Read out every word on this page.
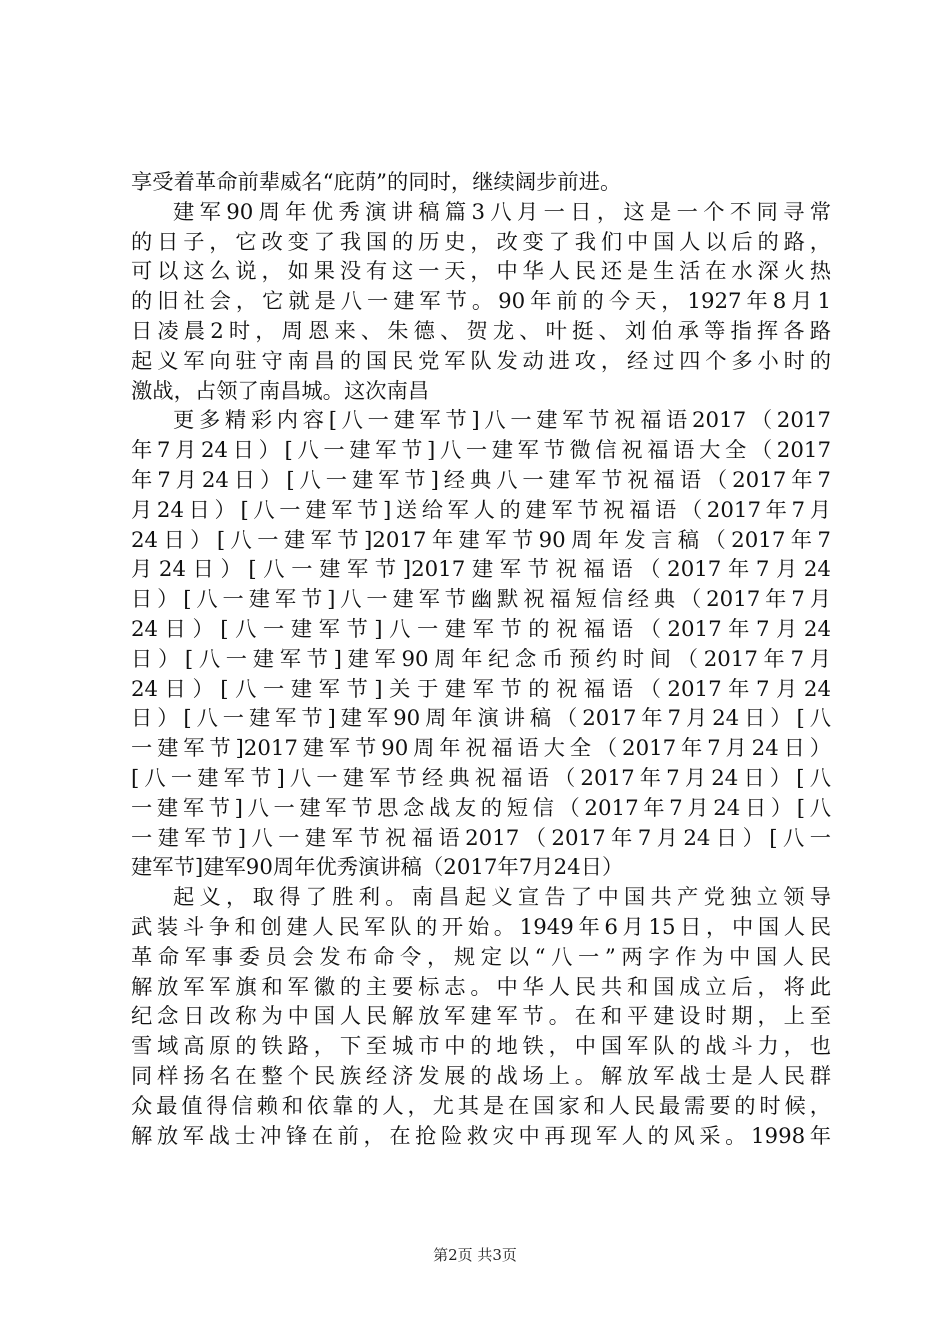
享受着革命前辈威名“庇荫”的同时，继续阔步前进。
建军90周年优秀演讲稿篇3八月一日，这是一个不同寻常
的日子，它改变了我国的历史，改变了我们中国人以后的路，
可以这么说，如果没有这一天，中华人民还是生活在水深火热
的旧社会，它就是八一建军节。90年前的今天，1927年8月1
日凌晨2时，周恩来、朱德、贺龙、叶挺、刘伯承等指挥各路
起义军向驻守南昌的国民党军队发动进攻，经过四个多小时的
激战，占领了南昌城。这次南昌
更多精彩内容[八一建军节]八一建军节祝福语2017（2017
年7月24日）[八一建军节]八一建军节微信祝福语大全（2017
年7月24日）[八一建军节]经典八一建军节祝福语（2017年7
月24日）[八一建军节]送给军人的建军节祝福语（2017年7月
24日）[八一建军节]2017年建军节90周年发言稿（2017年7
月24日）[八一建军节]2017建军节祝福语（2017年7月24
日）[八一建军节]八一建军节幽默祝福短信经典（2017年7月
24日）[八一建军节]八一建军节的祝福语（2017年7月24
日）[八一建军节]建军90周年纪念币预约时间（2017年7月
24日）[八一建军节]关于建军节的祝福语（2017年7月24
日）[八一建军节]建军90周年演讲稿（2017年7月24日）[八
一建军节]2017建军节90周年祝福语大全（2017年7月24日）
[八一建军节]八一建军节经典祝福语（2017年7月24日）[八
一建军节]八一建军节思念战友的短信（2017年7月24日）[八
一建军节]八一建军节祝福语2017（2017年7月24日）[八一
建军节]建军90周年优秀演讲稿（2017年7月24日）
起义，取得了胜利。南昌起义宣告了中国共产党独立领导
武装斗争和创建人民军队的开始。1949年6月15日，中国人民
革命军事委员会发布命令，规定以“八一”两字作为中国人民
解放军军旗和军徽的主要标志。中华人民共和国成立后，将此
纪念日改称为中国人民解放军建军节。在和平建设时期，上至
雪域高原的铁路，下至城市中的地铁，中国军队的战斗力，也
同样扬名在整个民族经济发展的战场上。解放军战士是人民群
众最值得信赖和依靠的人，尤其是在国家和人民最需要的时候，
解放军战士冲锋在前，在抢险救灾中再现军人的风采。1998年
第2页 共3页
